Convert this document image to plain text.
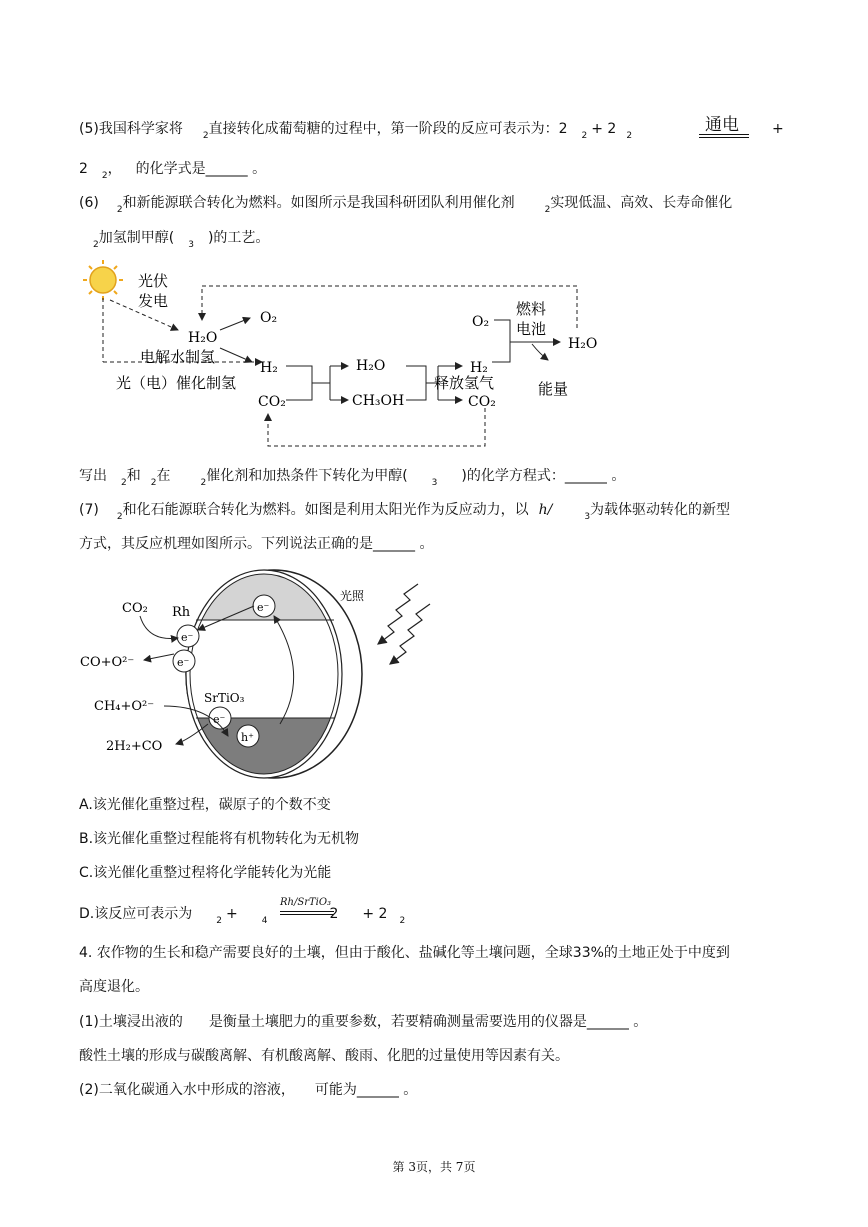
(5)我国科学家将 $_2$直接转化成葡萄糖的过程中，第一阶段的反应可表示为：2 $_2$ + 2 $_2$
通电 +
2 $_2$， 的化学式是______ 。
(6) $_2$和新能源联合转化为燃料。如图所示是我国科研团队利用催化剂	$_2$实现低温、高效、长寿命催化
$_2$加氢制甲醇( $_3$ )的工艺。
光伏
发电
H₂O
O₂
电解水制氢
H₂
光（电）催化制氢
CO₂
H₂O
CH₃OH
释放氢气
H₂
CO₂
O₂
燃料
电池
H₂O
能量
写出 $_2$和 $_2$在	$_2$催化剂和加热条件下转化为甲醇(	$_3$ )的化学方程式：______ 。
(7) $_2$和化石能源联合转化为燃料。如图是利用太阳光作为反应动力，以 h/	$_3$为载体驱动转化的新型
方式，其反应机理如图所示。下列说法正确的是______ 。
e⁻
e⁻
e⁻
e⁻
h⁺
CO₂ Rh
CO+O²⁻
CH₄+O²⁻
SrTiO₃
2H₂+CO
光照
A.该光催化重整过程，碳原子的个数不变
B.该光催化重整过程能将有机物转化为无机物
C.该光催化重整过程将化学能转化为光能
D.该反应可表示为	$_2$ +	$_4$	2 + 2 $_2$
Rh/SrTiO₃
4. 农作物的生长和稳产需要良好的土壤，但由于酸化、盐碱化等土壤问题，全球33%的土地正处于中度到
高度退化。
(1)土壤浸出液的 是衡量土壤肥力的重要参数，若要精确测量需要选用的仪器是______ 。
酸性土壤的形成与碳酸离解、有机酸离解、酸雨、化肥的过量使用等因素有关。
(2)二氧化碳通入水中形成的溶液， 可能为______ 。
第 3页，共 7页
